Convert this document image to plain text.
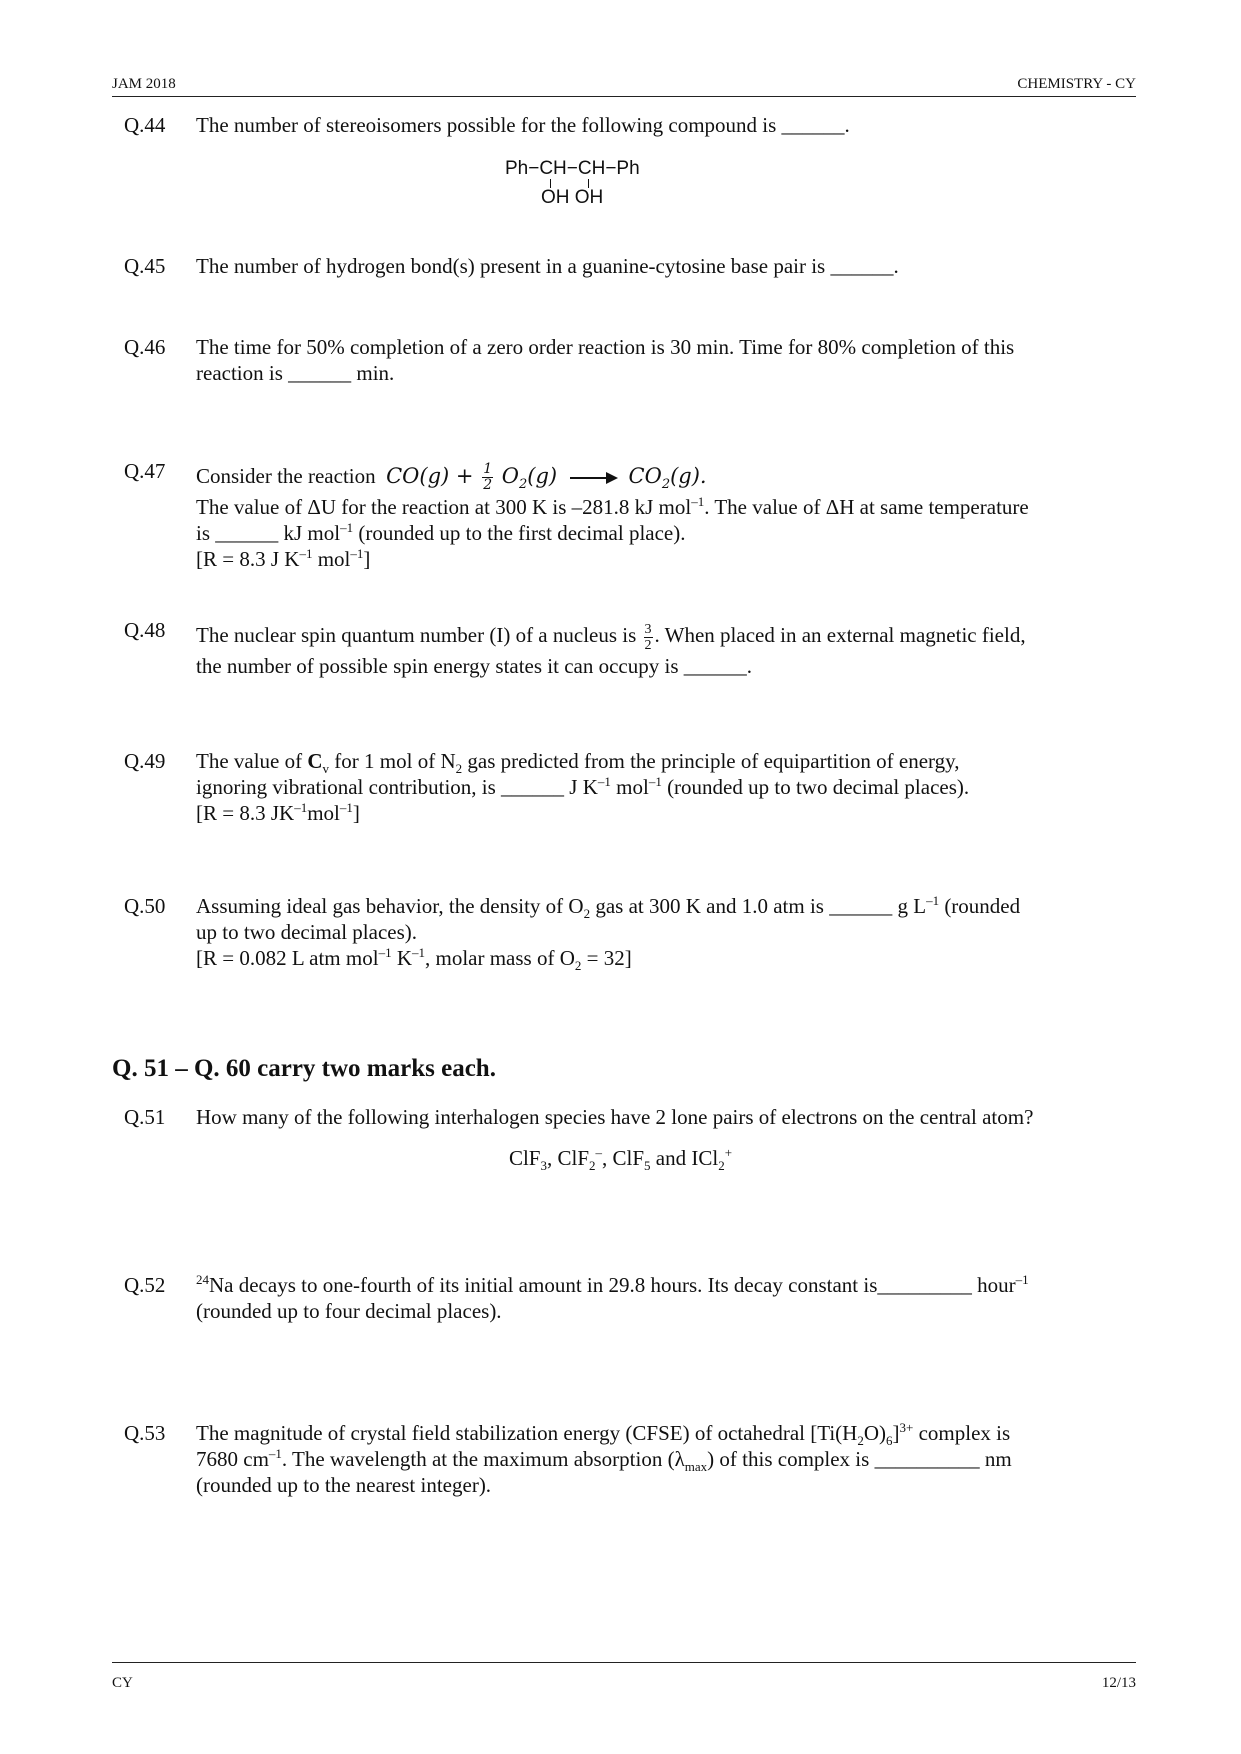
JAM 2018	CHEMISTRY - CY
Q.44	The number of stereoisomers possible for the following compound is ______.
Ph−CH−CH−Ph
OH OH
Q.45	The number of hydrogen bond(s) present in a guanine-cytosine base pair is ______.
Q.46	The time for 50% completion of a zero order reaction is 30 min. Time for 80% completion of this
reaction is ______ min.
Q.47	Consider the reaction $CO(g) + \frac{1}{2} O_2(g) \to CO_2(g)$.
The value of ΔU for the reaction at 300 K is –281.8 kJ mol$^{-1}$. The value of ΔH at same temperature
is ______ kJ mol$^{-1}$ (rounded up to the first decimal place).
[R = 8.3 J $K^{-1}$ mol$^{-1}$]
Q.48	The nuclear spin quantum number (I) of a nucleus is $\frac{3}{2}$ . When placed in an external magnetic field,
the number of possible spin energy states it can occupy is ______.
Q.49	The value of $C_v$ for 1 mol of $N_2$ gas predicted from the principle of equipartition of energy,
ignoring vibrational contribution, is ______ J $K^{-1}$ mol$^{-1}$ (rounded up to two decimal places).
[R = 8.3 $JK^{-1}mol^{-1}$]
Q.50	Assuming ideal gas behavior, the density of $O_2$ gas at 300 K and 1.0 atm is ______ g $L^{-1}$ (rounded
up to two decimal places).
[R = 0.082 L atm mol$^{-1}$ $K^{-1}$, molar mass of $O_2 = 32$]
Q. 51 – Q. 60 carry two marks each.
Q.51	How many of the following interhalogen species have 2 lone pairs of electrons on the central atom?
ClF$_3$, ClF$_2$–, ClF$_5$ and ICl$_2$+
Q.52	$^{24}$Na decays to one-fourth of its initial amount in 29.8 hours. Its decay constant is_________ hour$^{-1}$
(rounded up to four decimal places).
Q.53	The magnitude of crystal field stabilization energy (CFSE) of octahedral $[Ti(H_2O)_6]^{3+}$ complex is
7680 $cm^{-1}$. The wavelength at the maximum absorption $(\lambda_{max})$ of this complex is __________ nm
(rounded up to the nearest integer).
CY	12/13
